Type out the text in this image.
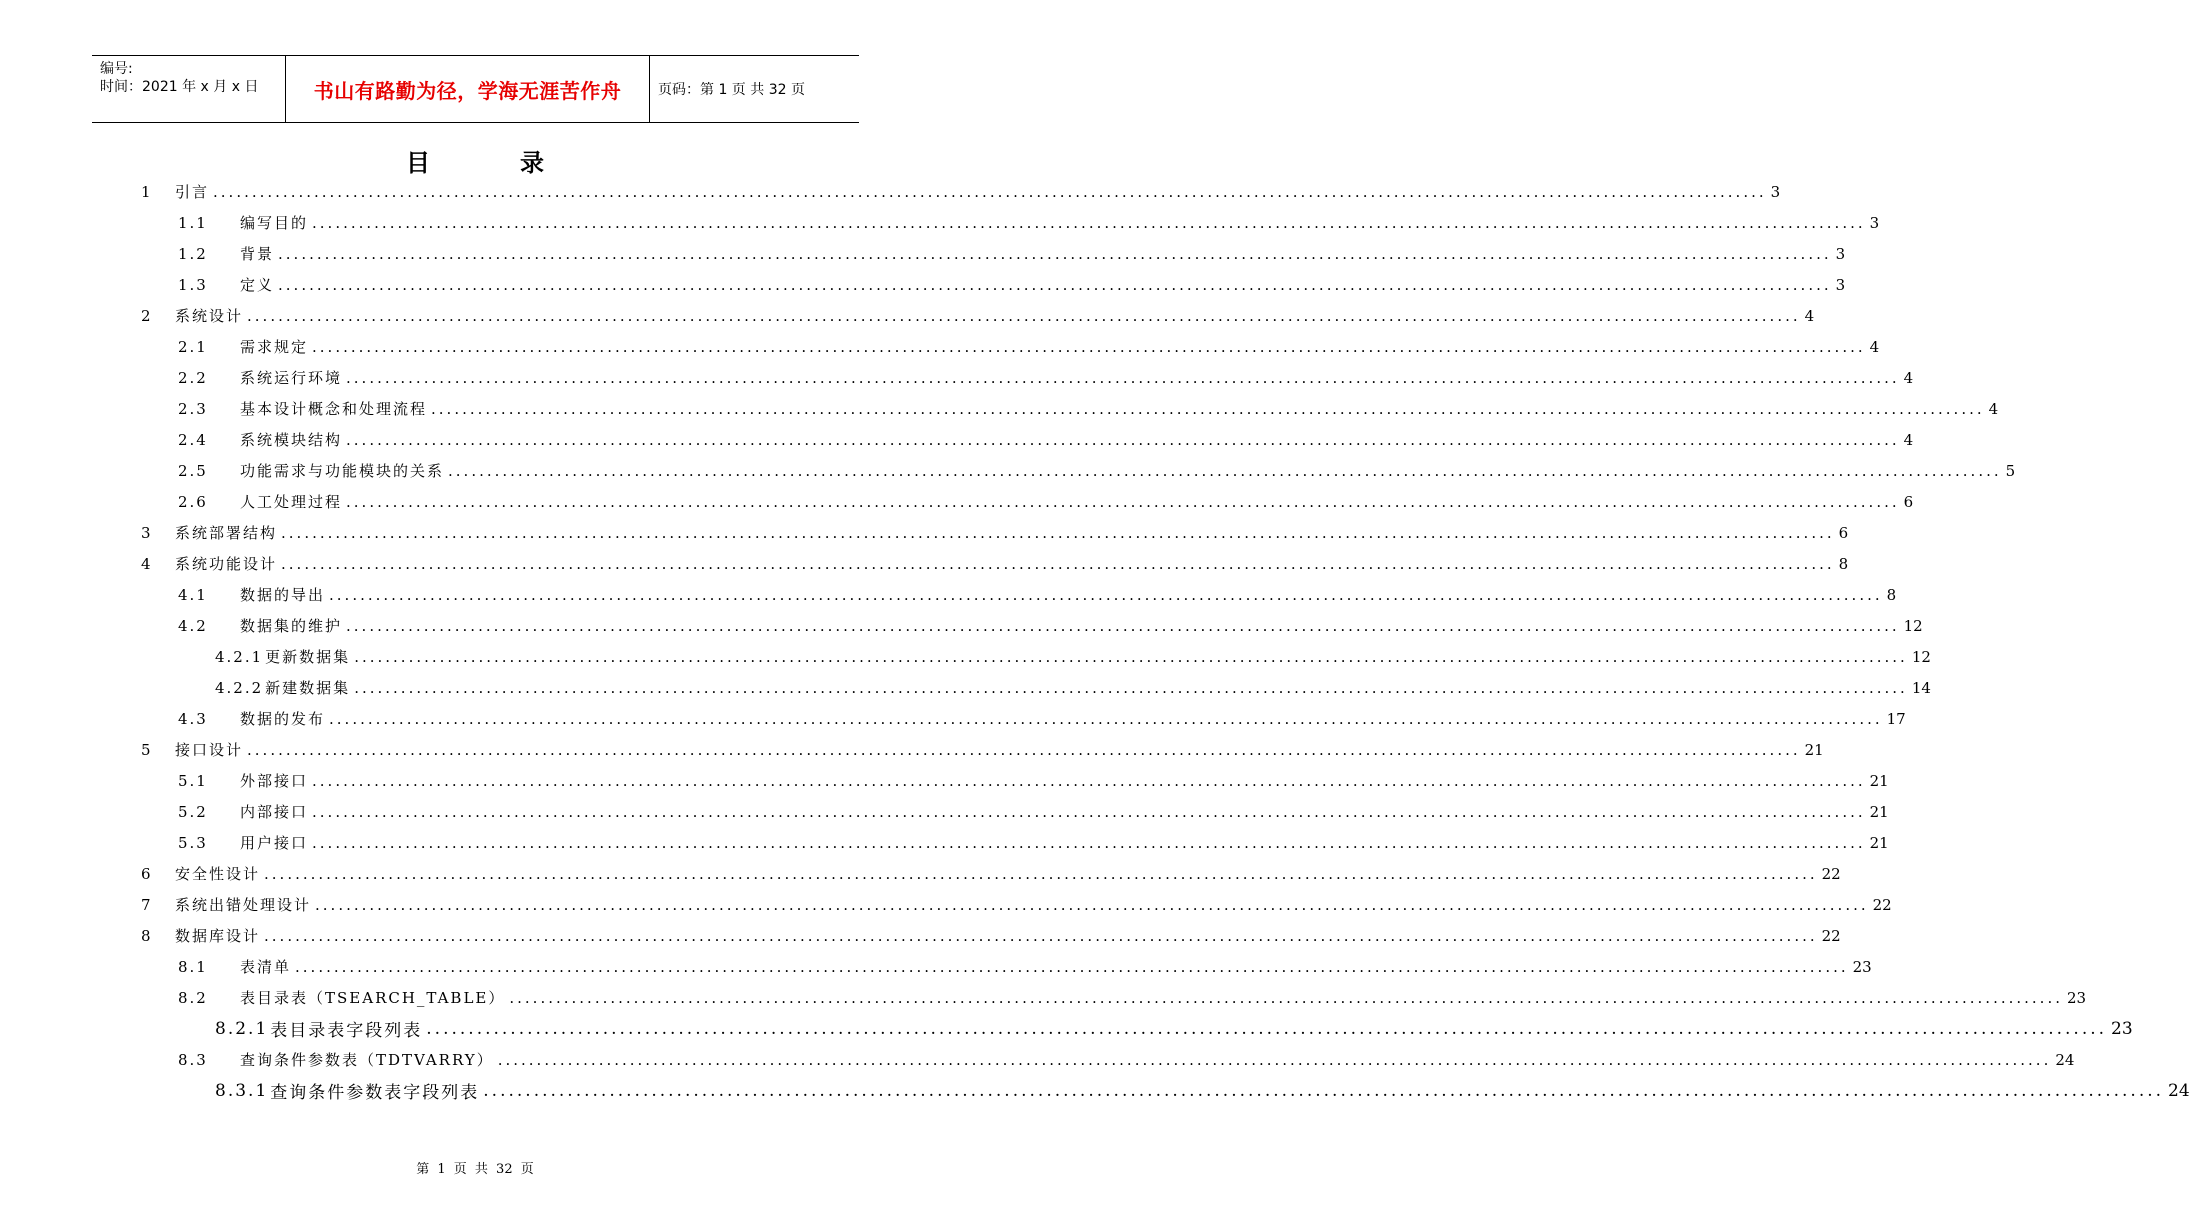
编号:
时间：2021 年 x 月 x 日	书山有路勤为径，学海无涯苦作舟	页码：第 1 页 共 32 页
目录
1	引言 ........................................................................................................................................................................................................ 3
1.1	编写目的 ........................................................................................................................................................................................................ 3
1.2	背景 ........................................................................................................................................................................................................ 3
1.3	定义 ........................................................................................................................................................................................................ 3
2	系统设计 ........................................................................................................................................................................................................ 4
2.1	需求规定 ........................................................................................................................................................................................................ 4
2.2	系统运行环境 ........................................................................................................................................................................................................ 4
2.3	基本设计概念和处理流程 ........................................................................................................................................................................................................ 4
2.4	系统模块结构 ........................................................................................................................................................................................................ 4
2.5	功能需求与功能模块的关系 ........................................................................................................................................................................................................ 5
2.6	人工处理过程 ........................................................................................................................................................................................................ 6
3	系统部署结构 ........................................................................................................................................................................................................ 6
4	系统功能设计 ........................................................................................................................................................................................................ 8
4.1	数据的导出 ........................................................................................................................................................................................................ 8
4.2	数据集的维护 ........................................................................................................................................................................................................ 12
4.2.1 更新数据集 ........................................................................................................................................................................................................ 12
4.2.2 新建数据集 ........................................................................................................................................................................................................ 14
4.3	数据的发布 ........................................................................................................................................................................................................ 17
5	接口设计 ........................................................................................................................................................................................................ 21
5.1	外部接口 ........................................................................................................................................................................................................ 21
5.2	内部接口 ........................................................................................................................................................................................................ 21
5.3	用户接口 ........................................................................................................................................................................................................ 21
6	安全性设计 ........................................................................................................................................................................................................ 22
7	系统出错处理设计 ........................................................................................................................................................................................................ 22
8	数据库设计 ........................................................................................................................................................................................................ 22
8.1	表清单 ........................................................................................................................................................................................................ 23
8.2	表目录表（TSEARCH_TABLE） ........................................................................................................................................................................................................ 23
8.2.1 表目录表字段列表 ........................................................................................................................................................................................................ 23
8.3	查询条件参数表（TDTVARRY） ........................................................................................................................................................................................................ 24
8.3.1 查询条件参数表字段列表 ........................................................................................................................................................................................................ 24
第 1 页 共 32 页
